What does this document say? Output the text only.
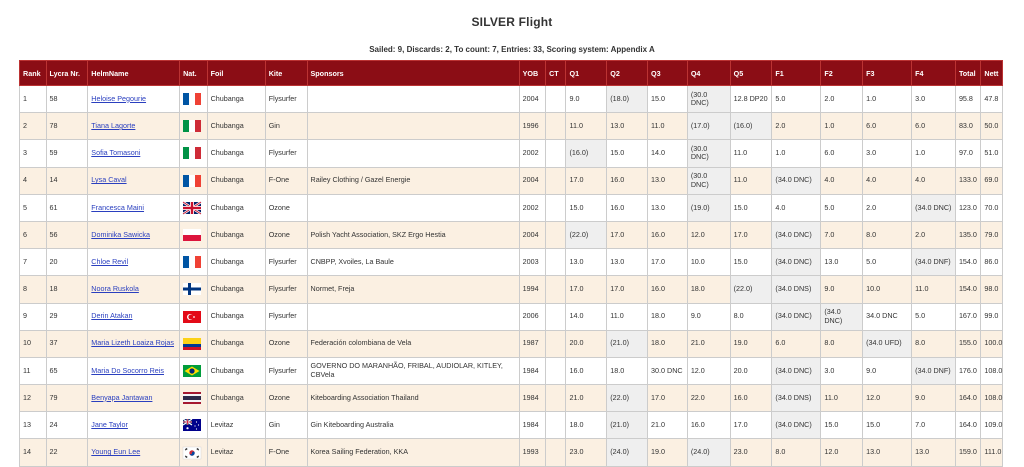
SILVER Flight
Sailed: 9, Discards: 2, To count: 7, Entries: 33, Scoring system: Appendix A
Rank	Lycra Nr.	HelmName	Nat.	Foil	Kite	Sponsors	YOB	CT	Q1	Q2	Q3	Q4	Q5	F1	F2	F3	F4	Total	Nett
1	58	Heloise Pegourie		Chubanga	Flysurfer		2004		9.0	(18.0)	15.0	(30.0 DNC)	12.8 DP20	5.0	2.0	1.0	3.0	95.8	47.8
2	78	Tiana Lagorte		Chubanga	Gin		1996		11.0	13.0	11.0	(17.0)	(16.0)	2.0	1.0	6.0	6.0	83.0	50.0
3	59	Sofia Tomasoni		Chubanga	Flysurfer		2002		(16.0)	15.0	14.0	(30.0 DNC)	11.0	1.0	6.0	3.0	1.0	97.0	51.0
4	14	Lysa Caval		Chubanga	F-One	Railey Clothing / Gazel Energie	2004		17.0	16.0	13.0	(30.0 DNC)	11.0	(34.0 DNC)	4.0	4.0	4.0	133.0	69.0
5	61	Francesca Maini		Chubanga	Ozone		2002		15.0	16.0	13.0	(19.0)	15.0	4.0	5.0	2.0	(34.0 DNC)	123.0	70.0
6	56	Dominika Sawicka		Chubanga	Ozone	Polish Yacht Association, SKZ Ergo Hestia	2004		(22.0)	17.0	16.0	12.0	17.0	(34.0 DNC)	7.0	8.0	2.0	135.0	79.0
7	20	Chloe Revil		Chubanga	Flysurfer	CNBPP, Xvoiles, La Baule	2003		13.0	13.0	17.0	10.0	15.0	(34.0 DNC)	13.0	5.0	(34.0 DNF)	154.0	86.0
8	18	Noora Ruskola		Chubanga	Flysurfer	Normet, Freja	1994		17.0	17.0	16.0	18.0	(22.0)	(34.0 DNS)	9.0	10.0	11.0	154.0	98.0
9	29	Derin Atakan		Chubanga	Flysurfer		2006		14.0	11.0	18.0	9.0	8.0	(34.0 DNC)	(34.0 DNC)	34.0 DNC	5.0	167.0	99.0
10	37	Maria Lizeth Loaiza Rojas		Chubanga	Ozone	Federación colombiana de Vela	1987		20.0	(21.0)	18.0	21.0	19.0	6.0	8.0	(34.0 UFD)	8.0	155.0	100.0
11	65	Maria Do Socorro Reis		Chubanga	Flysurfer	GOVERNO DO MARANHÃO, FRIBAL, AUDIOLAR, KITLEY, CBVela	1984		16.0	18.0	30.0 DNC	12.0	20.0	(34.0 DNC)	3.0	9.0	(34.0 DNF)	176.0	108.0
12	79	Benyapa Jantawan		Chubanga	Ozone	Kiteboarding Association Thailand	1984		21.0	(22.0)	17.0	22.0	16.0	(34.0 DNS)	11.0	12.0	9.0	164.0	108.0
13	24	Jane Taylor		Levitaz	Gin	Gin Kiteboarding Australia	1984		18.0	(21.0)	21.0	16.0	17.0	(34.0 DNC)	15.0	15.0	7.0	164.0	109.0
14	22	Young Eun Lee		Levitaz	F-One	Korea Sailing Federation, KKA	1993		23.0	(24.0)	19.0	(24.0)	23.0	8.0	12.0	13.0	13.0	159.0	111.0
